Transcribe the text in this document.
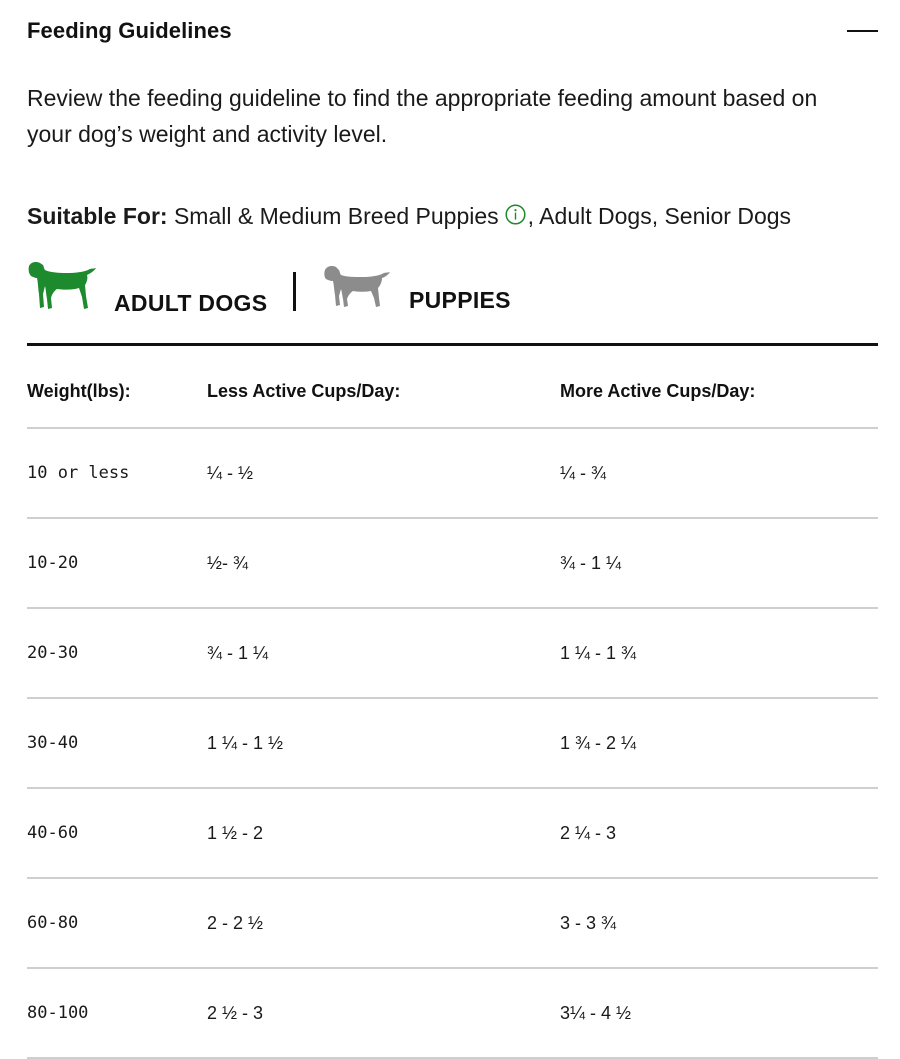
Feeding Guidelines
Review the feeding guideline to find the appropriate feeding amount based on your dog’s weight and activity level.
Suitable For: Small & Medium Breed Puppies , Adult Dogs, Senior Dogs
ADULT DOGS	PUPPIES
Weight(lbs):	Less Active Cups/Day:	More Active Cups/Day:
10 or less	¼ - ½	¼ - ¾
10-20	½- ¾	¾ - 1 ¼
20-30	¾ - 1 ¼	1 ¼ - 1 ¾
30-40	1 ¼ - 1 ½	1 ¾ - 2 ¼
40-60	1 ½ - 2	2 ¼ - 3
60-80	2 - 2 ½	3 - 3 ¾
80-100	2 ½ - 3	3¼ - 4 ½
